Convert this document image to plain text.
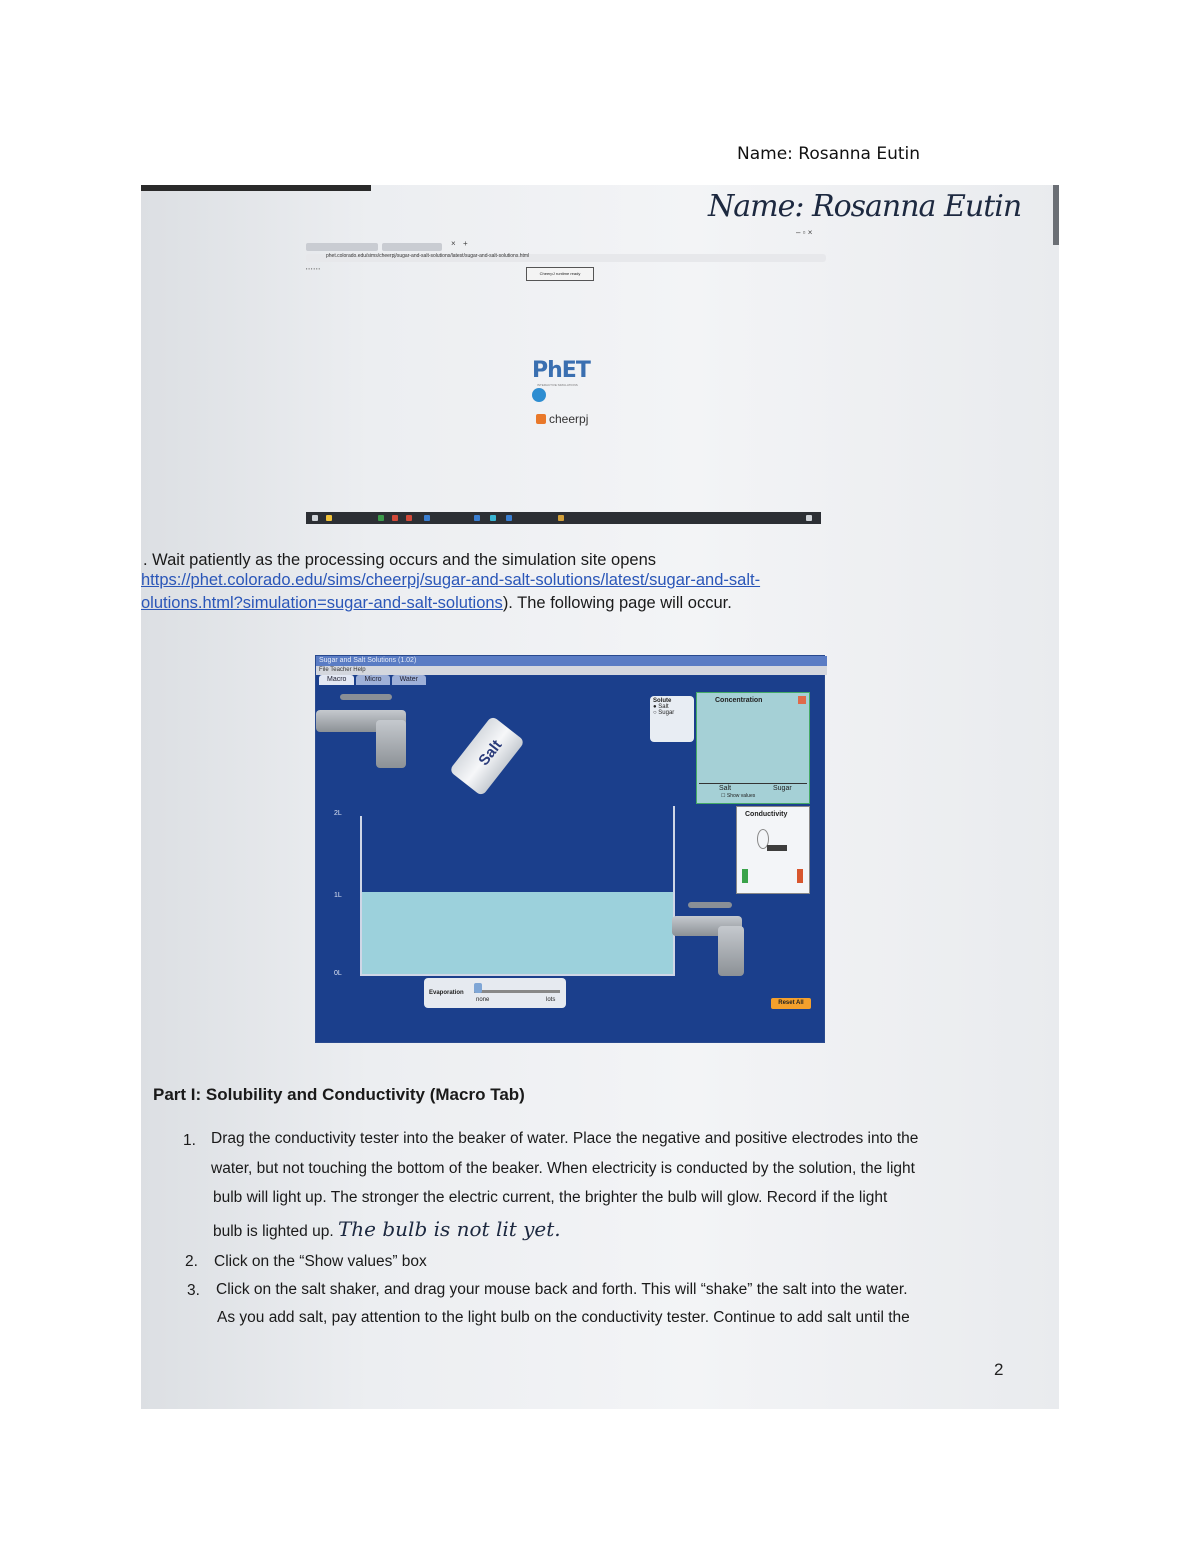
Name: Rosanna Eutin
Name: Rosanna Eutin
× +
– ▫ ×
phet.colorado.edu/sims/cheerpj/sugar-and-salt-solutions/latest/sugar-and-salt-solutions.html
▪ ▪ ▪ ▪ ▪ ▪
CheerpJ runtime ready
PhET
INTERACTIVE SIMULATIONS
cheerpj
. Wait patiently as the processing occurs and the simulation site opens
https://phet.colorado.edu/sims/cheerpj/sugar-and-salt-solutions/latest/sugar-and-salt-
olutions.html?simulation=sugar-and-salt-solutions). The following page will occur.
Sugar and Salt Solutions (1.02)
File Teacher Help
Macro	Micro	Water
Salt
Solute
● Salt
○ Sugar
Concentration
Salt	Sugar
☐ Show values
Conductivity
2L
1L
0L
Evaporation
none	lots	Reset All
Part I: Solubility and Conductivity (Macro Tab)
1. Drag the conductivity tester into the beaker of water. Place the negative and positive electrodes into the
water, but not touching the bottom of the beaker. When electricity is conducted by the solution, the light
bulb will light up. The stronger the electric current, the brighter the bulb will glow. Record if the light
bulb is lighted up. The bulb is not lit yet.
2. Click on the “Show values” box
3. Click on the salt shaker, and drag your mouse back and forth. This will “shake” the salt into the water.
As you add salt, pay attention to the light bulb on the conductivity tester. Continue to add salt until the
2
